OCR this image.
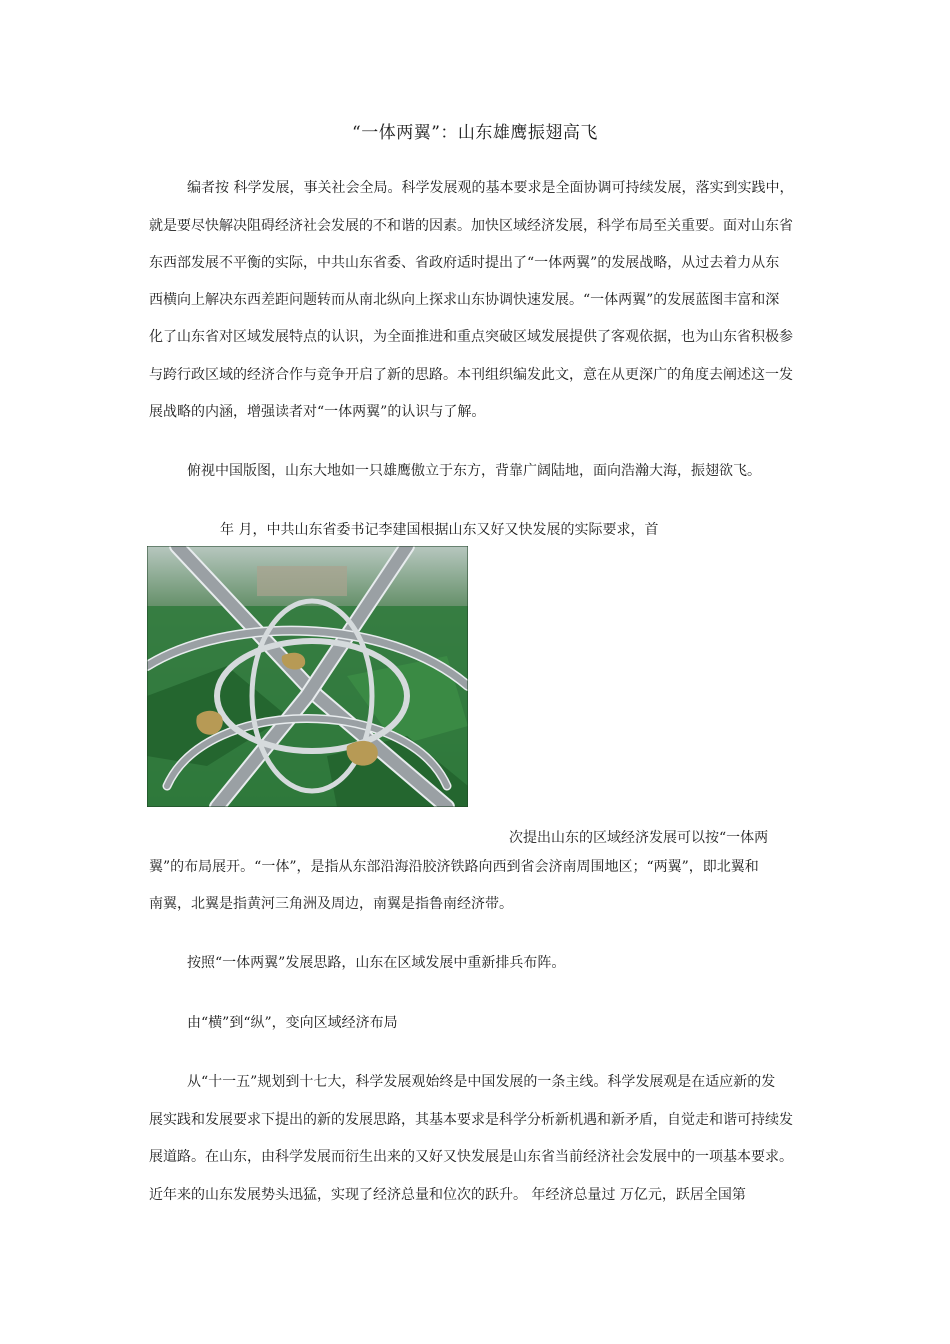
“一体两翼”：山东雄鹰振翅高飞
编者按 科学发展，事关社会全局。科学发展观的基本要求是全面协调可持续发展，落实到实践中，
就是要尽快解决阻碍经济社会发展的不和谐的因素。加快区域经济发展，科学布局至关重要。面对山东省
东西部发展不平衡的实际，中共山东省委、省政府适时提出了“一体两翼”的发展战略，从过去着力从东
西横向上解决东西差距问题转而从南北纵向上探求山东协调快速发展。“一体两翼”的发展蓝图丰富和深
化了山东省对区域发展特点的认识，为全面推进和重点突破区域发展提供了客观依据，也为山东省积极参
与跨行政区域的经济合作与竞争开启了新的思路。本刊组织编发此文，意在从更深广的角度去阐述这一发
展战略的内涵，增强读者对“一体两翼”的认识与了解。
俯视中国版图，山东大地如一只雄鹰傲立于东方，背靠广阔陆地，面向浩瀚大海，振翅欲飞。
年 月，中共山东省委书记李建国根据山东又好又快发展的实际要求，首
次提出山东的区域经济发展可以按“一体两
翼”的布局展开。“一体”，是指从东部沿海沿胶济铁路向西到省会济南周围地区；“两翼”，即北翼和
南翼，北翼是指黄河三角洲及周边，南翼是指鲁南经济带。
按照“一体两翼”发展思路，山东在区域发展中重新排兵布阵。
由“横”到“纵”，变向区域经济布局
从“十一五”规划到十七大，科学发展观始终是中国发展的一条主线。科学发展观是在适应新的发
展实践和发展要求下提出的新的发展思路，其基本要求是科学分析新机遇和新矛盾，自觉走和谐可持续发
展道路。在山东，由科学发展而衍生出来的又好又快发展是山东省当前经济社会发展中的一项基本要求。
近年来的山东发展势头迅猛，实现了经济总量和位次的跃升。 年经济总量过 万亿元，跃居全国第
